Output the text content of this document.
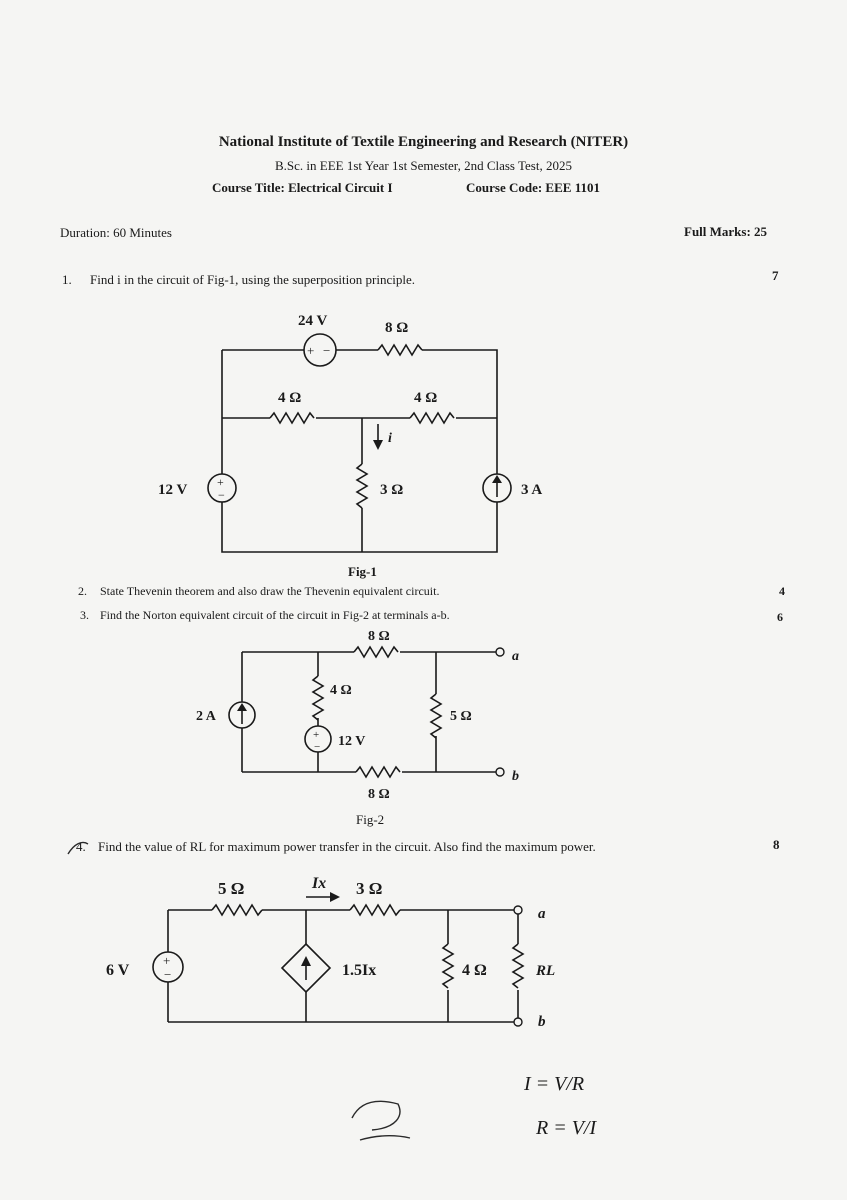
National Institute of Textile Engineering and Research (NITER)
B.Sc. in EEE 1st Year 1st Semester, 2nd Class Test, 2025
Course Title: Electrical Circuit I	Course Code: EEE 1101
Duration: 60 Minutes	Full Marks: 25
1. Find i in the circuit of Fig-1, using the superposition principle.	7
2. State Thevenin theorem and also draw the Thevenin equivalent circuit.	4
3. Find the Norton equivalent circuit of the circuit in Fig-2 at terminals a-b.	6
4. Find the value of RL for maximum power transfer in the circuit. Also find the maximum power.	8
+ −
+
−
24 V	8 Ω
4 Ω	4 Ω
i
3 Ω
12 V	3 A
Fig-1
+
−
8 Ω
4 Ω
5 Ω
8 Ω
2 A
12 V
a
b
Fig-2
+
−
5 Ω	Ix 3 Ω
6 V	1.5Ix	4 Ω	RL
a
b
I = V/R
R = V/I
